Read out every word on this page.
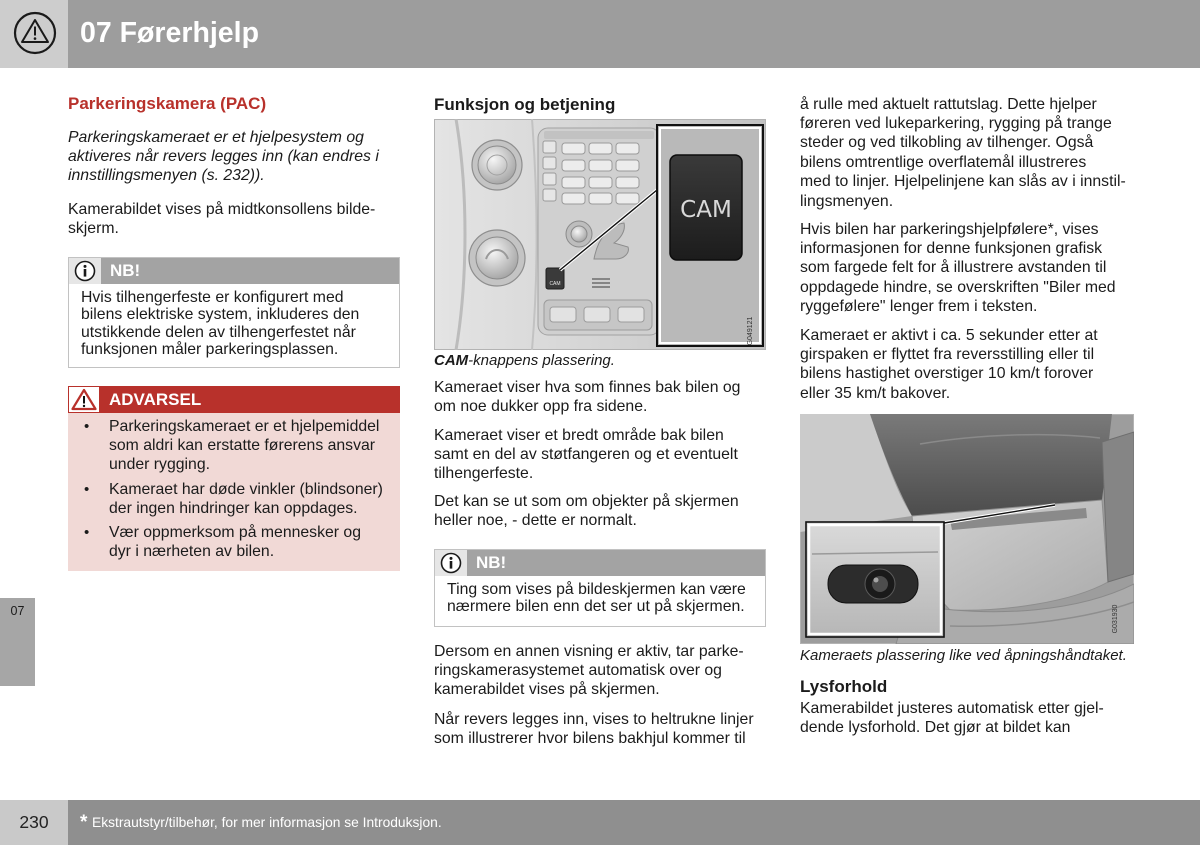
07 Førerhjelp
07
Parkeringskamera (PAC)
Parkeringskameraet er et hjelpesystem og
aktiveres når revers legges inn (kan endres i
innstillingsmenyen (s. 232)).
Kamerabildet vises på midtkonsollens bilde-
skjerm.
NB!
Hvis tilhengerfeste er konfigurert med
bilens elektriske system, inkluderes den
utstikkende delen av tilhengerfestet når
funksjonen måler parkeringsplassen.
ADVARSEL
• Parkeringskameraet er et hjelpemiddel
som aldri kan erstatte førerens ansvar
under rygging.
• Kameraet har døde vinkler (blindsoner)
der ingen hindringer kan oppdages.
• Vær oppmerksom på mennesker og
dyr i nærheten av bilen.
Funksjon og betjening
CAM
CAM
G049121
CAM-knappens plassering.
Kameraet viser hva som finnes bak bilen og
om noe dukker opp fra sidene.
Kameraet viser et bredt område bak bilen
samt en del av støtfangeren og et eventuelt
tilhengerfeste.
Det kan se ut som om objekter på skjermen
heller noe, - dette er normalt.
NB!
Ting som vises på bildeskjermen kan være
nærmere bilen enn det ser ut på skjermen.
Dersom en annen visning er aktiv, tar parke-
ringskamerasystemet automatisk over og
kamerabildet vises på skjermen.
Når revers legges inn, vises to heltrukne linjer
som illustrerer hvor bilens bakhjul kommer til
å rulle med aktuelt rattutslag. Dette hjelper
føreren ved lukeparkering, rygging på trange
steder og ved tilkobling av tilhenger. Også
bilens omtrentlige overflatemål illustreres
med to linjer. Hjelpelinjene kan slås av i innstil-
lingsmenyen.
Hvis bilen har parkeringshjelpfølere*, vises
informasjonen for denne funksjonen grafisk
som fargede felt for å illustrere avstanden til
oppdagede hindre, se overskriften "Biler med
ryggefølere" lenger frem i teksten.
Kameraet er aktivt i ca. 5 sekunder etter at
girspaken er flyttet fra reversstilling eller til
bilens hastighet overstiger 10 km/t forover
eller 35 km/t bakover.
G031930
Kameraets plassering like ved åpningshåndtaket.
Lysforhold
Kamerabildet justeres automatisk etter gjel-
dende lysforhold. Det gjør at bildet kan
230	* Ekstrautstyr/tilbehør, for mer informasjon se Introduksjon.
